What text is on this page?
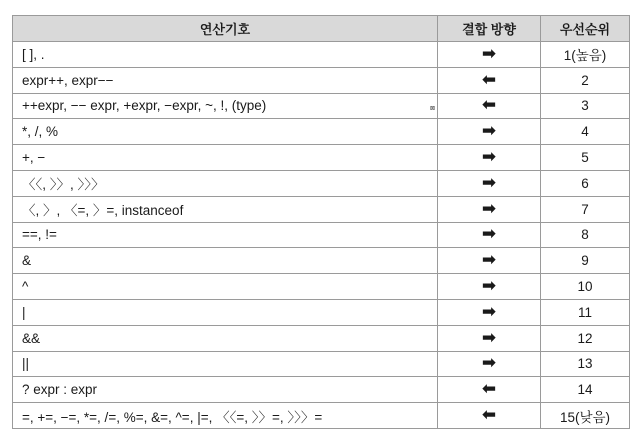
연산기호	결합 방향	우선순위
[ ], .	➡	1(높음)
expr++, expr−−	⬅	2
++expr, −− expr, +expr, −expr, ~, !, (type) ⊠	⬅	3
*, /, %	➡	4
+, −	➡	5
〈〈, 〉〉, 〉〉〉	➡	6
〈, 〉, 〈=, 〉=, instanceof	➡	7
==, !=	➡	8
&	➡	9
^	➡	10
|	➡	11
&&	➡	12
||	➡	13
? expr : expr	⬅	14
=, +=, −=, *=, /=, %=, &=, ^=, |=, 〈〈=, 〉〉=, 〉〉〉=	⬅	15(낮음)
